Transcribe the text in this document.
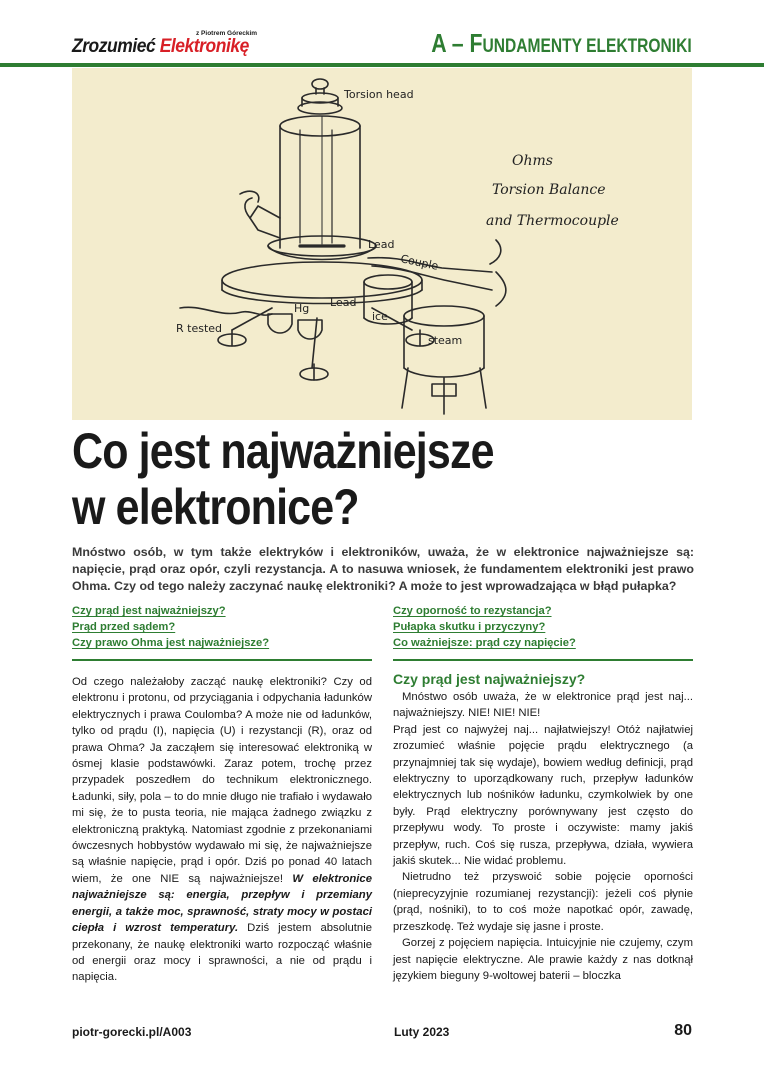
z Piotrem Góreckim
Zrozumieć Elektronikę	A – FUNDAMENTY ELEKTRONIKI
Torsion head
Ohms
Torsion Balance
and Thermocouple
Lead
Couple
Lead
Hg
ice
steam
R tested
Co jest najważniejsze
w elektronice?

Mnóstwo osób, w tym także elektryków i elektroników, uważa, że w elektronice najważniejsze są: napięcie, prąd oraz opór, czyli rezystancja. A to nasuwa wniosek, że fundamentem elektroniki jest prawo Ohma. Czy od tego należy zaczynać naukę elektroniki? A może to jest wprowadzająca w błąd pułapka?

Czy prąd jest najważniejszy?
Prąd przed sądem?
Czy prawo Ohma jest najważniejsze?
Czy oporność to rezystancja?
Pułapka skutku i przyczyny?
Co ważniejsze: prąd czy napięcie?

Od czego należałoby zacząć naukę elektroniki? Czy od elektronu i protonu, od przyciągania i odpychania ładunków elektrycznych i prawa Coulomba? A może nie od ładunków, tylko od prądu (I), napięcia (U) i rezystancji (R), oraz od prawa Ohma? Ja zacząłem się interesować elektroniką w ósmej klasie podstawówki. Zaraz potem, trochę przez przypadek poszedłem do technikum elektronicznego. Ładunki, siły, pola – to do mnie długo nie trafiało i wydawało mi się, że to pusta teoria, nie mająca żadnego związku z elektroniczną praktyką. Natomiast zgodnie z przekonaniami ówczesnych hobbystów wydawało mi się, że najważniejsze są właśnie napięcie, prąd i opór. Dziś po ponad 40 latach wiem, że one NIE są najważniejsze! W elektronice najważniejsze są: energia, przepływ i przemiany energii, a także moc, sprawność, straty mocy w postaci ciepła i wzrost temperatury. Dziś jestem absolutnie przekonany, że naukę elektroniki warto rozpocząć właśnie od energii oraz mocy i sprawności, a nie od prądu i napięcia.

Czy prąd jest najważniejszy?

Mnóstwo osób uważa, że w elektronice prąd jest naj... najważniejszy. NIE! NIE! NIE!

Prąd jest co najwyżej naj... najłatwiejszy! Otóż najłatwiej zrozumieć właśnie pojęcie prądu elektrycznego (a przynajmniej tak się wydaje), bowiem według definicji, prąd elektryczny to uporządkowany ruch, przepływ ładunków elektrycznych lub nośników ładunku, czymkolwiek by one były. Prąd elektryczny porównywany jest często do przepływu wody. To proste i oczywiste: mamy jakiś przepływ, ruch. Coś się rusza, przepływa, działa, wywiera jakiś skutek... Nie widać problemu.

Nietrudno też przyswoić sobie pojęcie oporności (nieprecyzyjnie rozumianej rezystancji): jeżeli coś płynie (prąd, nośniki), to to coś może napotkać opór, zawadę, przeszkodę. Też wydaje się jasne i proste.

Gorzej z pojęciem napięcia. Intuicyjnie nie czujemy, czym jest napięcie elektryczne. Ale prawie każdy z nas dotknął językiem bieguny 9-woltowej baterii – bloczka

piotr-gorecki.pl/A003	Luty 2023	80
